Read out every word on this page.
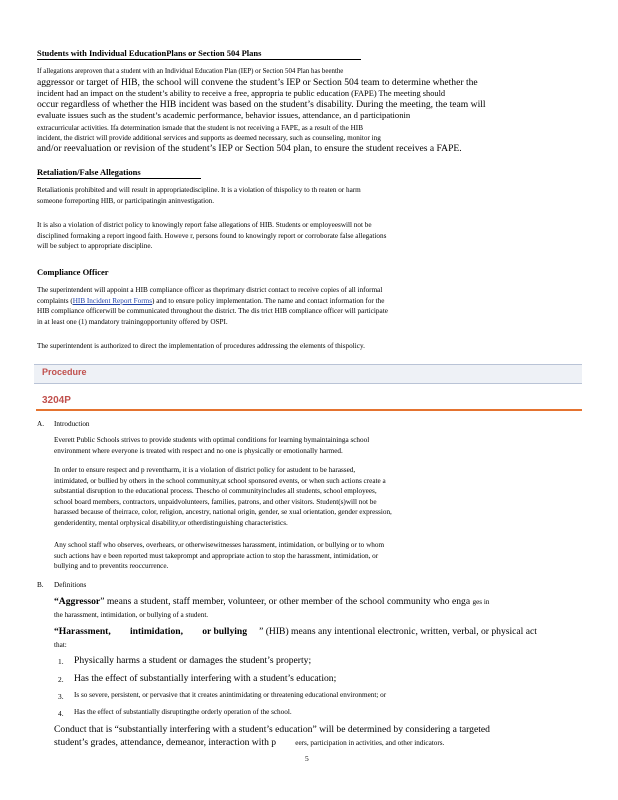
Students with Individual EducationPlans or Section 504 Plans
If allegations areproven that a student with an Individual Education Plan (IEP) or Section 504 Plan has beenthe
aggressor or target of HIB, the school will convene the student’s IEP or Section 504 team to determine whether the
incident had an impact on the student’s ability to receive a free, appropria te public education (FAPE) The meeting should
occur regardless of whether the HIB incident was based on the student’s disability. During the meeting, the team will
evaluate issues such as the student’s academic performance, behavior issues, attendance, an d participationin
extracurricular activities. Ifa determination ismade that the student is not receiving a FAPE, as a result of the HIB
incident, the district will provide additional services and supports as deemed necessary, such as counseling, monitor ing
and/or reevaluation or revision of the student’s IEP or Section 504 plan, to ensure the student receives a FAPE.
Retaliation/False Allegations
Retaliationis prohibited and will result in appropriatediscipline. It is a violation of thispolicy to th reaten or harm
someone forreporting HIB, or participatingin aninvestigation.
It is also a violation of district policy to knowingly report false allegations of HIB. Students or employeeswill not be
disciplined formaking a report ingood faith. Howeve r, persons found to knowingly report or corroborate false allegations
will be subject to appropriate discipline.
Compliance Officer
The superintendent will appoint a HIB compliance officer as theprimary district contact to receive copies of all informal
complaints (HIB Incident Report Forms) and to ensure policy implementation. The name and contact information for the
HIB compliance officerwill be communicated throughout the district. The dis trict HIB compliance officer will participate
in at least one (1) mandatory trainingopportunity offered by OSPI.
The superintendent is authorized to direct the implementation of procedures addressing the elements of thispolicy.
Procedure
3204P
A. Introduction
Everett Public Schools strives to provide students with optimal conditions for learning bymaintaininga school
environment where everyone is treated with respect and no one is physically or emotionally harmed.
In order to ensure respect and p reventharm, it is a violation of district policy for astudent to be harassed,
intimidated, or bullied by others in the school community,at school sponsored events, or when such actions create a
substantial disruption to the educational process. Thescho ol communityincludes all students, school employees,
school board members, contractors, unpaidvolunteers, families, patrons, and other visitors. Student(s)will not be
harassed because of theirrace, color, religion, ancestry, national origin, gender, se xual orientation, gender expression,
genderidentity, mental orphysical disability,or otherdistinguishing characteristics.
Any school staff who observes, overhears, or otherwisewitnesses harassment, intimidation, or bullying or to whom
such actions hav e been reported must takeprompt and appropriate action to stop the harassment, intimidation, or
bullying and to preventits reoccurrence.
B. Definitions
“Aggressor” means a student, staff member, volunteer, or other member of the school community who enga ges in
the harassment, intimidation, or bullying of a student.
“Harassment, intimidation, or bullying ” (HIB) means any intentional electronic, written, verbal, or physical act
that:
1. Physically harms a student or damages the student’s property;
2. Has the effect of substantially interfering with a student’s education;
3. Is so severe, persistent, or pervasive that it creates anintimidating or threatening educational environment; or
4. Has the effect of substantially disruptingthe orderly operation of the school.
Conduct that is “substantially interfering with a student’s education” will be determined by considering a targeted
student’s grades, attendance, demeanor, interaction with p	eers, participation in activities, and other indicators.
5
